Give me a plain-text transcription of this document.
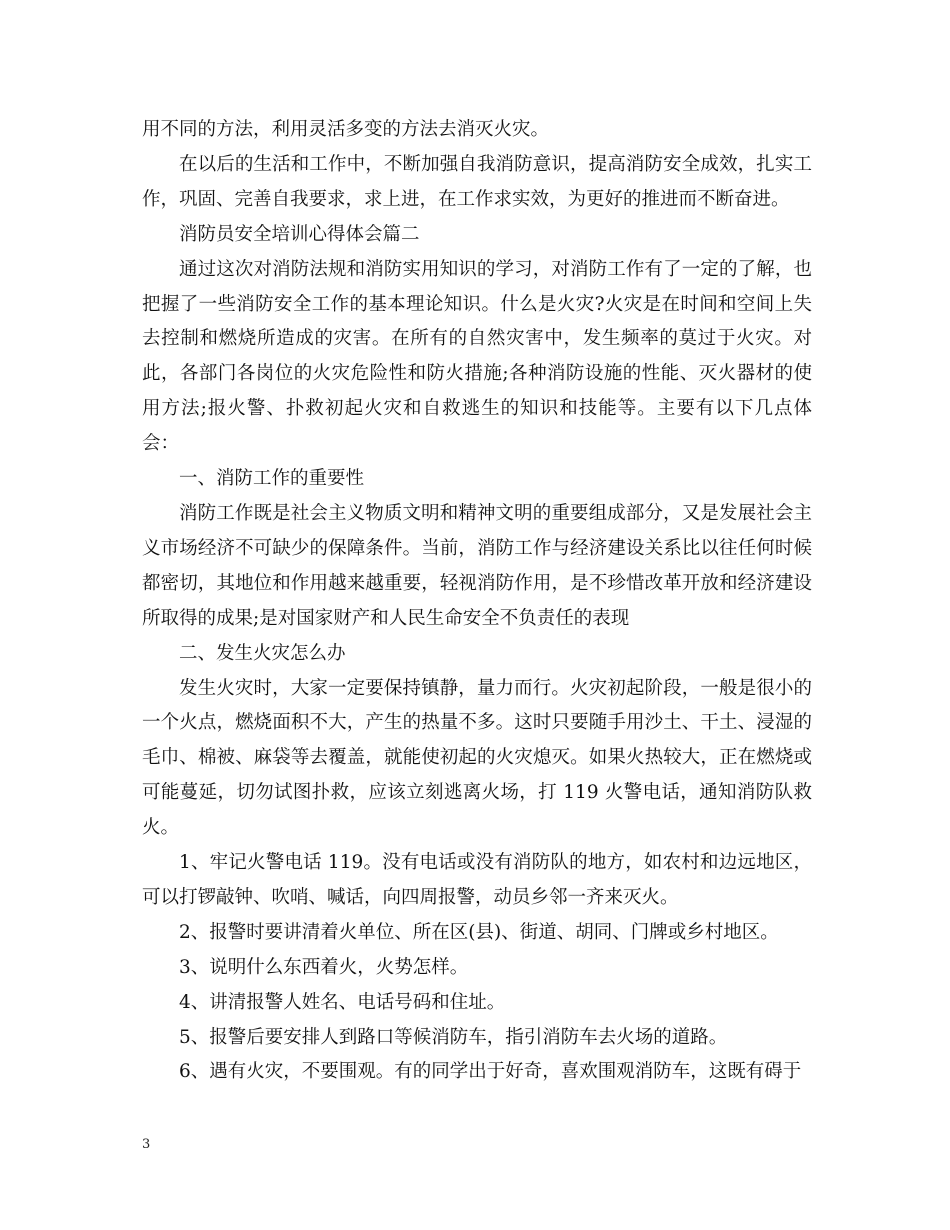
用不同的方法，利用灵活多变的方法去消灭火灾。

在以后的生活和工作中，不断加强自我消防意识，提高消防安全成效，扎实工作，巩固、完善自我要求，求上进，在工作求实效，为更好的推进而不断奋进。

消防员安全培训心得体会篇二

通过这次对消防法规和消防实用知识的学习，对消防工作有了一定的了解，也把握了一些消防安全工作的基本理论知识。什么是火灾?火灾是在时间和空间上失去控制和燃烧所造成的灾害。在所有的自然灾害中，发生频率的莫过于火灾。对此，各部门各岗位的火灾危险性和防火措施;各种消防设施的性能、灭火器材的使用方法;报火警、扑救初起火灾和自救逃生的知识和技能等。主要有以下几点体会：

一、消防工作的重要性

消防工作既是社会主义物质文明和精神文明的重要组成部分，又是发展社会主义市场经济不可缺少的保障条件。当前，消防工作与经济建设关系比以往任何时候都密切，其地位和作用越来越重要，轻视消防作用，是不珍惜改革开放和经济建设所取得的成果;是对国家财产和人民生命安全不负责任的表现

二、发生火灾怎么办

发生火灾时，大家一定要保持镇静，量力而行。火灾初起阶段，一般是很小的一个火点，燃烧面积不大，产生的热量不多。这时只要随手用沙土、干土、浸湿的毛巾、棉被、麻袋等去覆盖，就能使初起的火灾熄灭。如果火热较大，正在燃烧或可能蔓延，切勿试图扑救，应该立刻逃离火场，打 119 火警电话，通知消防队救火。

1、牢记火警电话 119。没有电话或没有消防队的地方，如农村和边远地区，可以打锣敲钟、吹哨、喊话，向四周报警，动员乡邻一齐来灭火。

2、报警时要讲清着火单位、所在区(县)、街道、胡同、门牌或乡村地区。

3、说明什么东西着火，火势怎样。

4、讲清报警人姓名、电话号码和住址。

5、报警后要安排人到路口等候消防车，指引消防车去火场的道路。

6、遇有火灾，不要围观。有的同学出于好奇，喜欢围观消防车，这既有碍于

3
